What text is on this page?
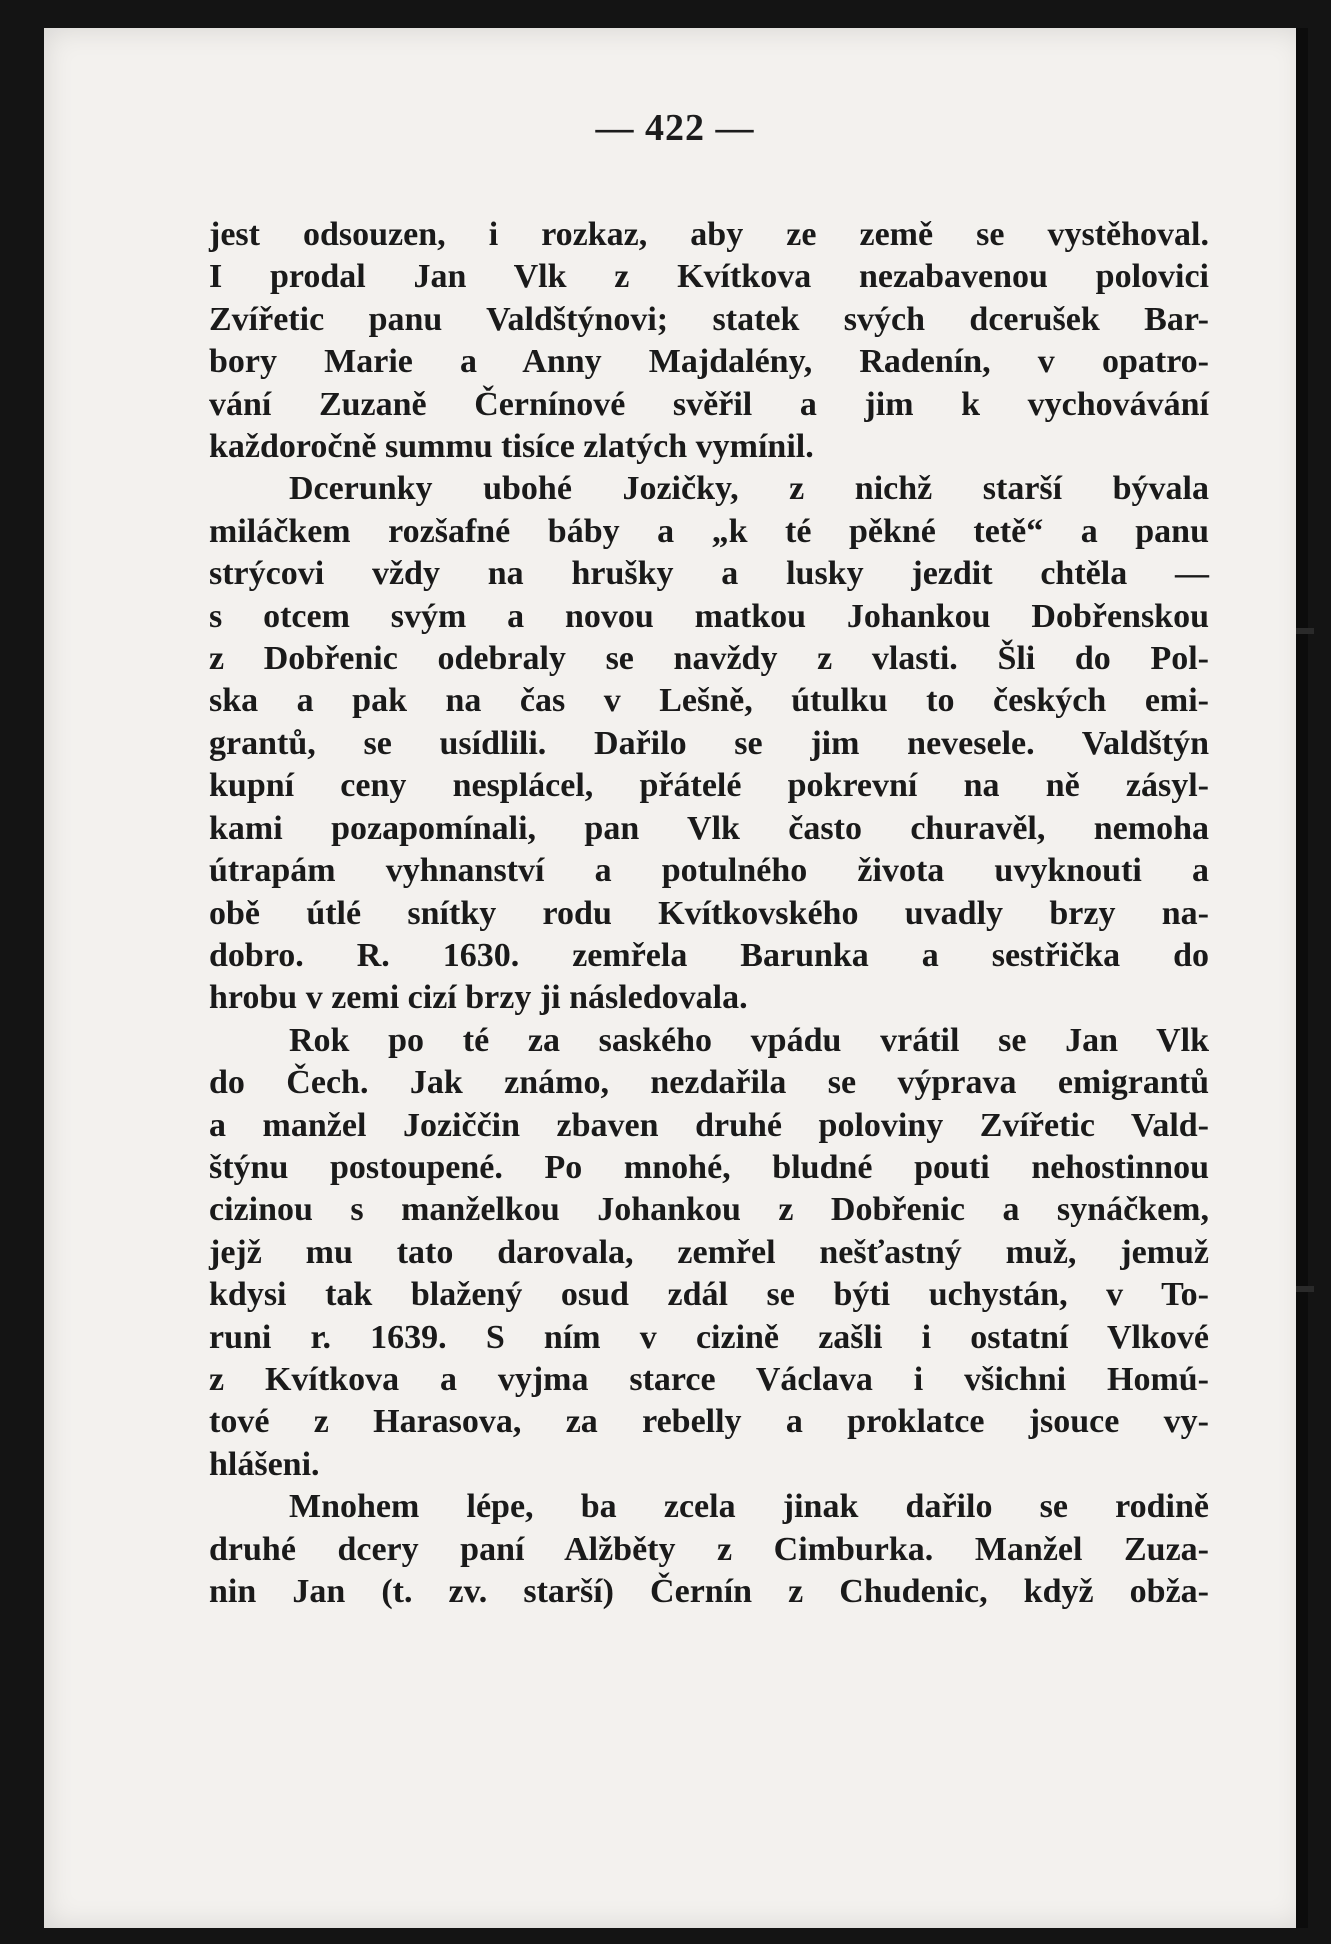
— 422 —
jest odsouzen, i rozkaz, aby ze země se vystěhoval.
I prodal Jan Vlk z Kvítkova nezabavenou polovici
Zvířetic panu Valdštýnovi; statek svých dcerušek Bar-
bory Marie a Anny Majdalény, Radenín, v opatro-
vání Zuzaně Černínové svěřil a jim k vychovávání
každoročně summu tisíce zlatých vymínil.
Dcerunky ubohé Jozičky, z nichž starší bývala
miláčkem rozšafné báby a „k té pěkné tetě“ a panu
strýcovi vždy na hrušky a lusky jezdit chtěla —
s otcem svým a novou matkou Johankou Dobřenskou
z Dobřenic odebraly se navždy z vlasti. Šli do Pol-
ska a pak na čas v Lešně, útulku to českých emi-
grantů, se usídlili. Dařilo se jim nevesele. Valdštýn
kupní ceny nesplácel, přátelé pokrevní na ně zásyl-
kami pozapomínali, pan Vlk často churavěl, nemoha
útrapám vyhnanství a potulného života uvyknouti a
obě útlé snítky rodu Kvítkovského uvadly brzy na-
dobro. R. 1630. zemřela Barunka a sestřička do
hrobu v zemi cizí brzy ji následovala.
Rok po té za saského vpádu vrátil se Jan Vlk
do Čech. Jak známo, nezdařila se výprava emigrantů
a manžel Joziččin zbaven druhé poloviny Zvířetic Vald-
štýnu postoupené. Po mnohé, bludné pouti nehostinnou
cizinou s manželkou Johankou z Dobřenic a synáčkem,
jejž mu tato darovala, zemřel nešťastný muž, jemuž
kdysi tak blažený osud zdál se býti uchystán, v To-
runi r. 1639. S ním v cizině zašli i ostatní Vlkové
z Kvítkova a vyjma starce Václava i všichni Homú-
tové z Harasova, za rebelly a proklatce jsouce vy-
hlášeni.
Mnohem lépe, ba zcela jinak dařilo se rodině
druhé dcery paní Alžběty z Cimburka. Manžel Zuza-
nin Jan (t. zv. starší) Černín z Chudenic, když obža-
